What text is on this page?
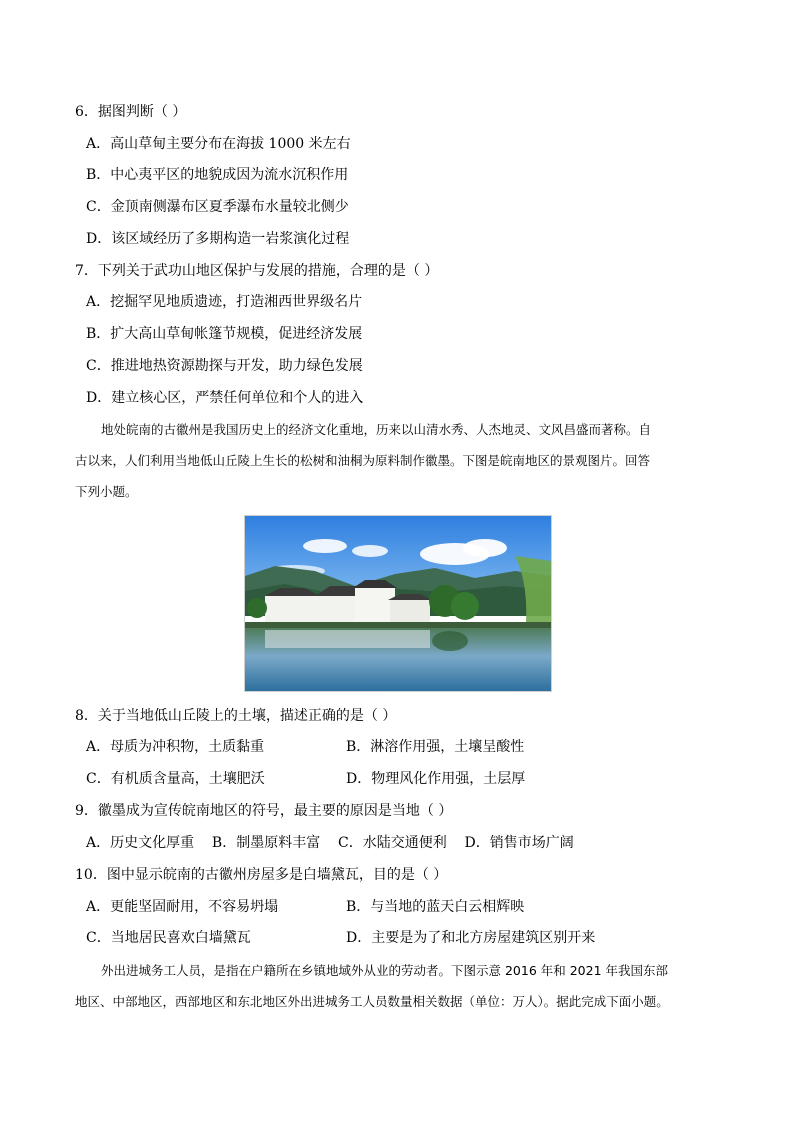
6．据图判断（ ）
A．高山草甸主要分布在海拔 1000 米左右
B．中心夷平区的地貌成因为流水沉积作用
C．金顶南侧瀑布区夏季瀑布水量较北侧少
D．该区域经历了多期构造一岩浆演化过程
7．下列关于武功山地区保护与发展的措施，合理的是（ ）
A．挖掘罕见地质遗迹，打造湘西世界级名片
B．扩大高山草甸帐篷节规模，促进经济发展
C．推进地热资源勘探与开发，助力绿色发展
D．建立核心区，严禁任何单位和个人的进入
地处皖南的古徽州是我国历史上的经济文化重地，历来以山清水秀、人杰地灵、文风昌盛而著称。自
古以来，人们利用当地低山丘陵上生长的松树和油桐为原料制作徽墨。下图是皖南地区的景观图片。回答
下列小题。
8．关于当地低山丘陵上的土壤，描述正确的是（ ）
A．母质为冲积物，土质黏重	B．淋溶作用强，土壤呈酸性
C．有机质含量高，土壤肥沃	D．物理风化作用强，土层厚
9．徽墨成为宣传皖南地区的符号，最主要的原因是当地（ ）
A．历史文化厚重    B．制墨原料丰富    C．水陆交通便利    D．销售市场广阔
10．图中显示皖南的古徽州房屋多是白墙黛瓦，目的是（ ）
A．更能坚固耐用，不容易坍塌	B．与当地的蓝天白云相辉映
C．当地居民喜欢白墙黛瓦	D．主要是为了和北方房屋建筑区别开来
外出进城务工人员，是指在户籍所在乡镇地域外从业的劳动者。下图示意 2016 年和 2021 年我国东部
地区、中部地区，西部地区和东北地区外出进城务工人员数量相关数据（单位：万人）。据此完成下面小题。
